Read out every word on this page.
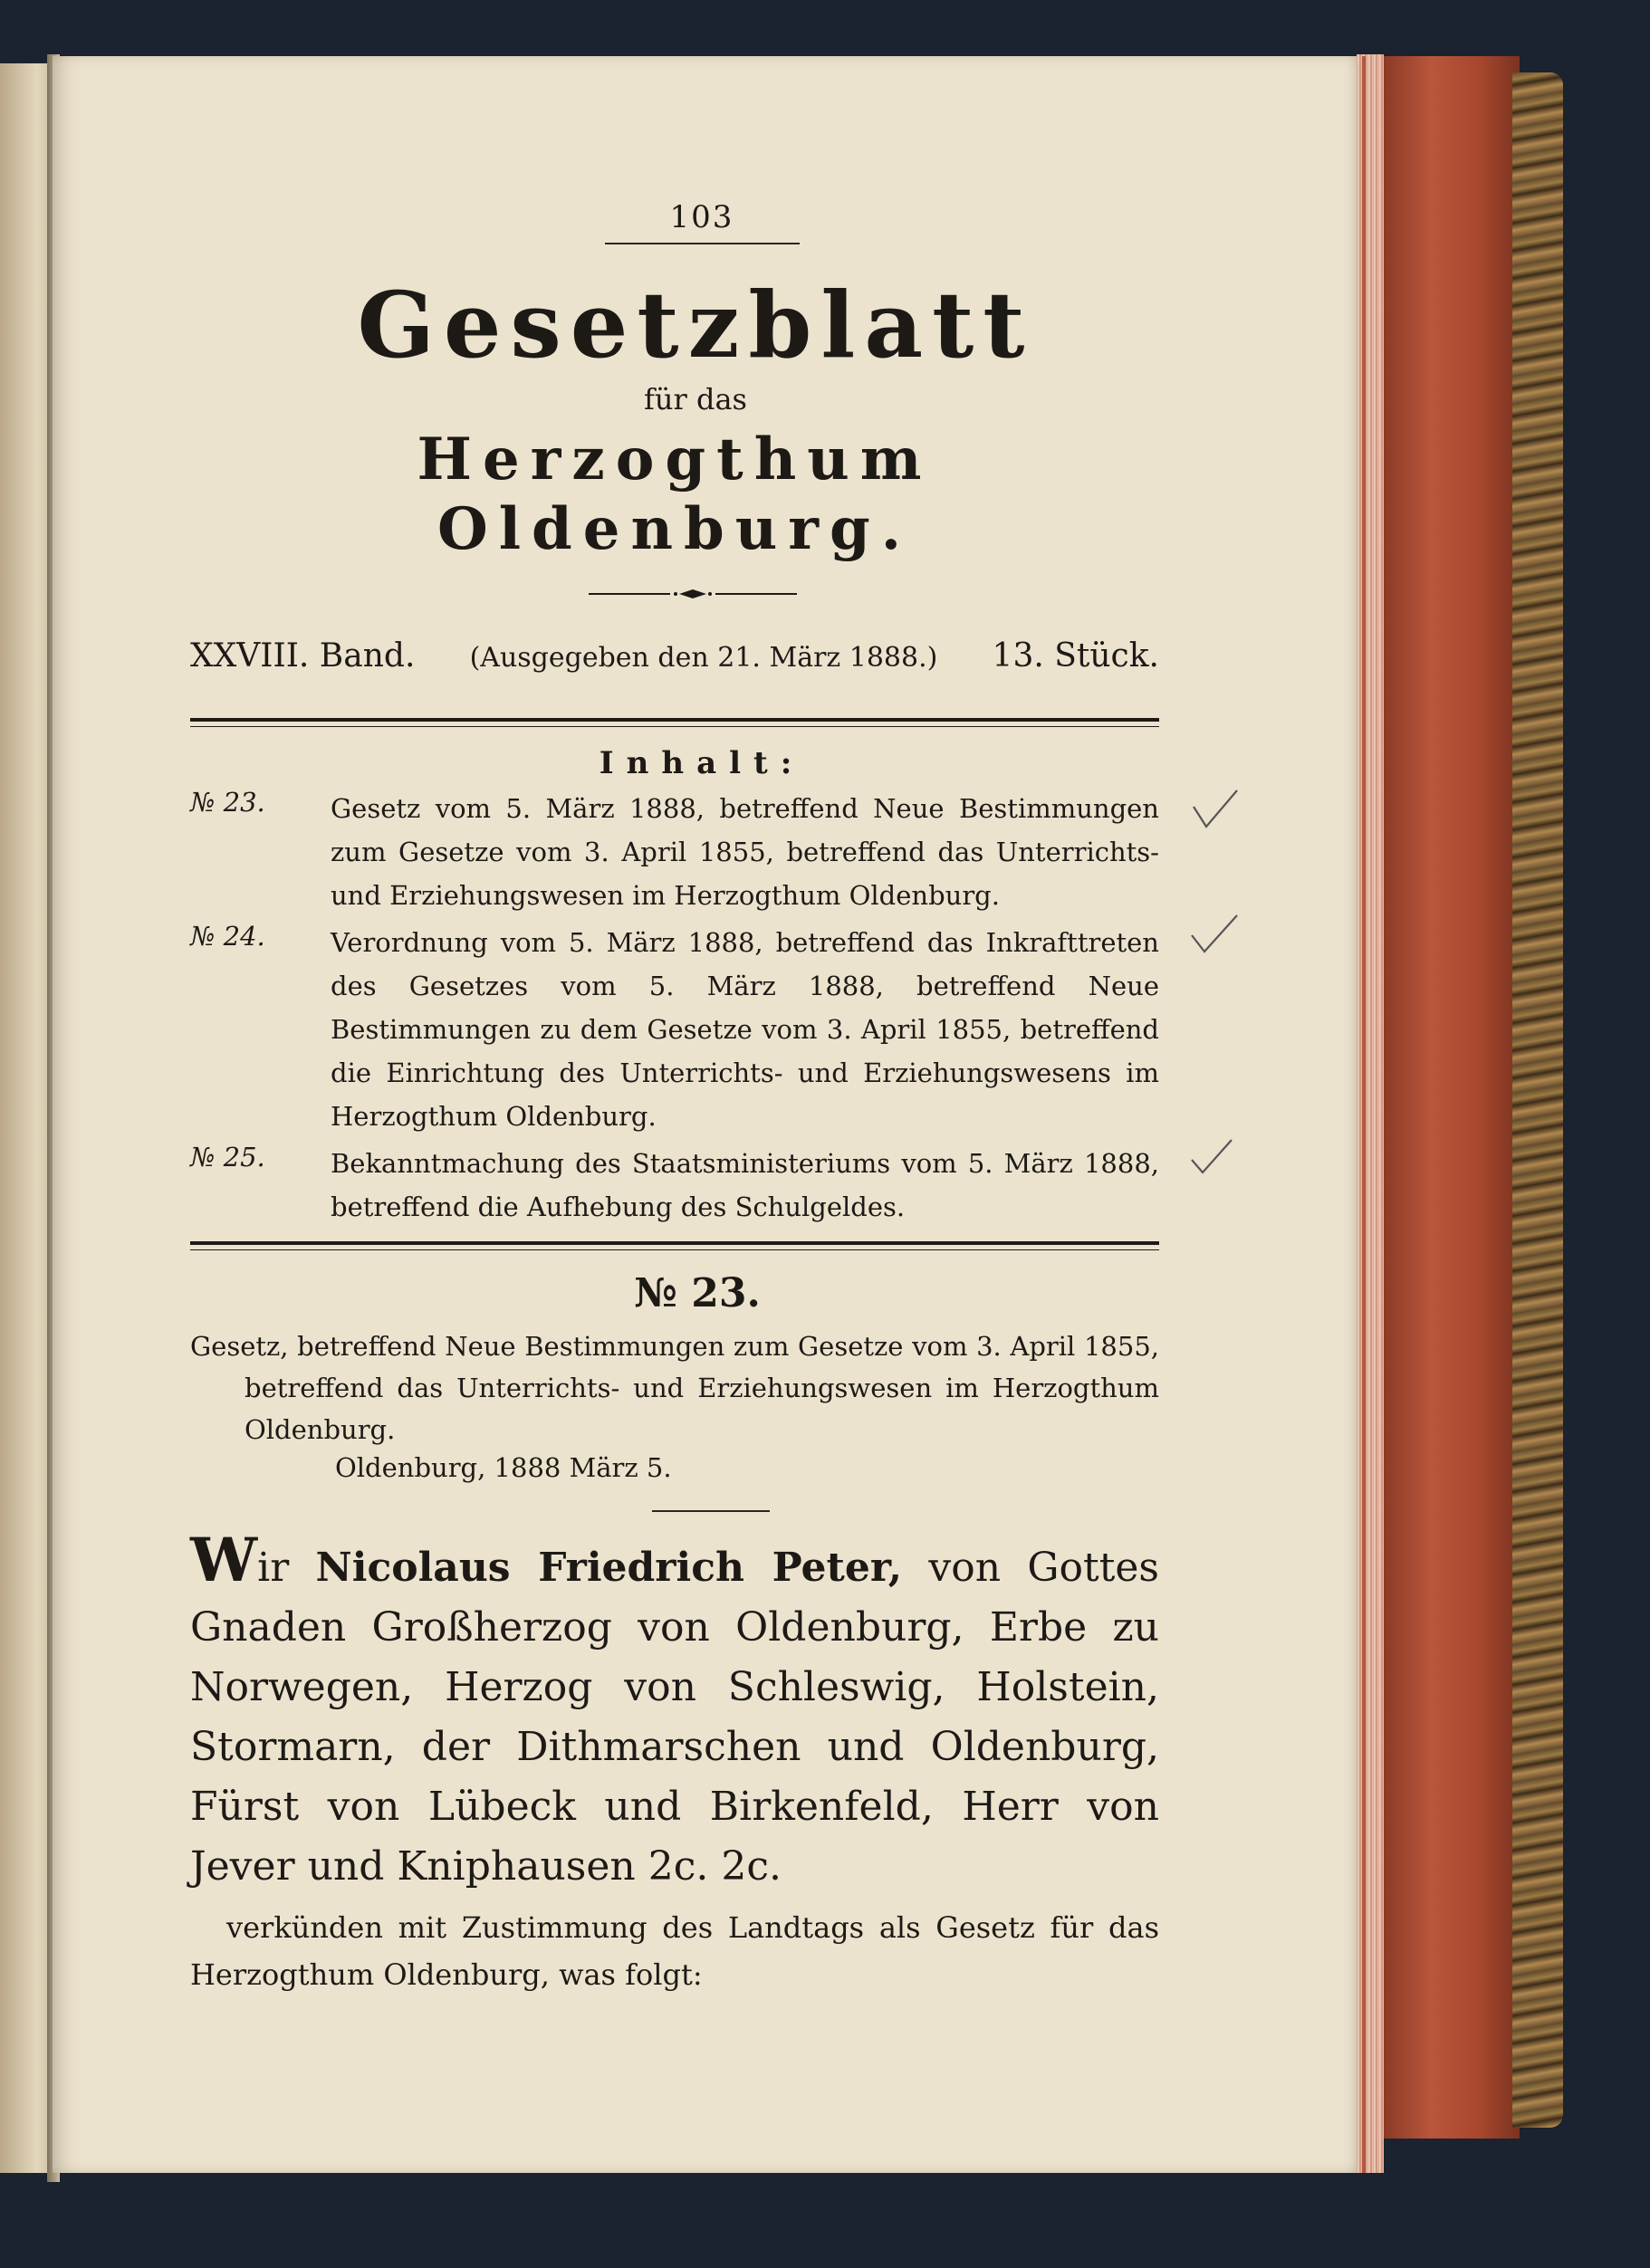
103
Gesetzblatt
für das
Herzogthum Oldenburg.
XXVIII. Band. (Ausgegeben den 21. März 1888.) 13. Stück.
Inhalt:
№ 23.	Gesetz vom 5. März 1888, betreffend Neue Bestimmungen zum Gesetze vom 3. April 1855, betreffend das Unterrichts- und Erziehungswesen im Herzogthum Oldenburg.
№ 24.	Verordnung vom 5. März 1888, betreffend das Inkrafttreten des Gesetzes vom 5. März 1888, betreffend Neue Bestimmungen zu dem Gesetze vom 3. April 1855, betreffend die Einrichtung des Unterrichts- und Erziehungswesens im Herzogthum Oldenburg.
№ 25.	Bekanntmachung des Staatsministeriums vom 5. März 1888, betreffend die Aufhebung des Schulgeldes.
№ 23.
Gesetz, betreffend Neue Bestimmungen zum Gesetze vom 3. April 1855, betreffend das Unterrichts- und Erziehungswesen im Herzogthum Oldenburg.
Oldenburg, 1888 März 5.
Wir Nicolaus Friedrich Peter, von Gottes Gnaden Großherzog von Oldenburg, Erbe zu Norwegen, Herzog von Schleswig, Holstein, Stormarn, der Dithmarschen und Oldenburg, Fürst von Lübeck und Birkenfeld, Herr von Jever und Kniphausen 2c. 2c.
verkünden mit Zustimmung des Landtags als Gesetz für das Herzogthum Oldenburg, was folgt:
